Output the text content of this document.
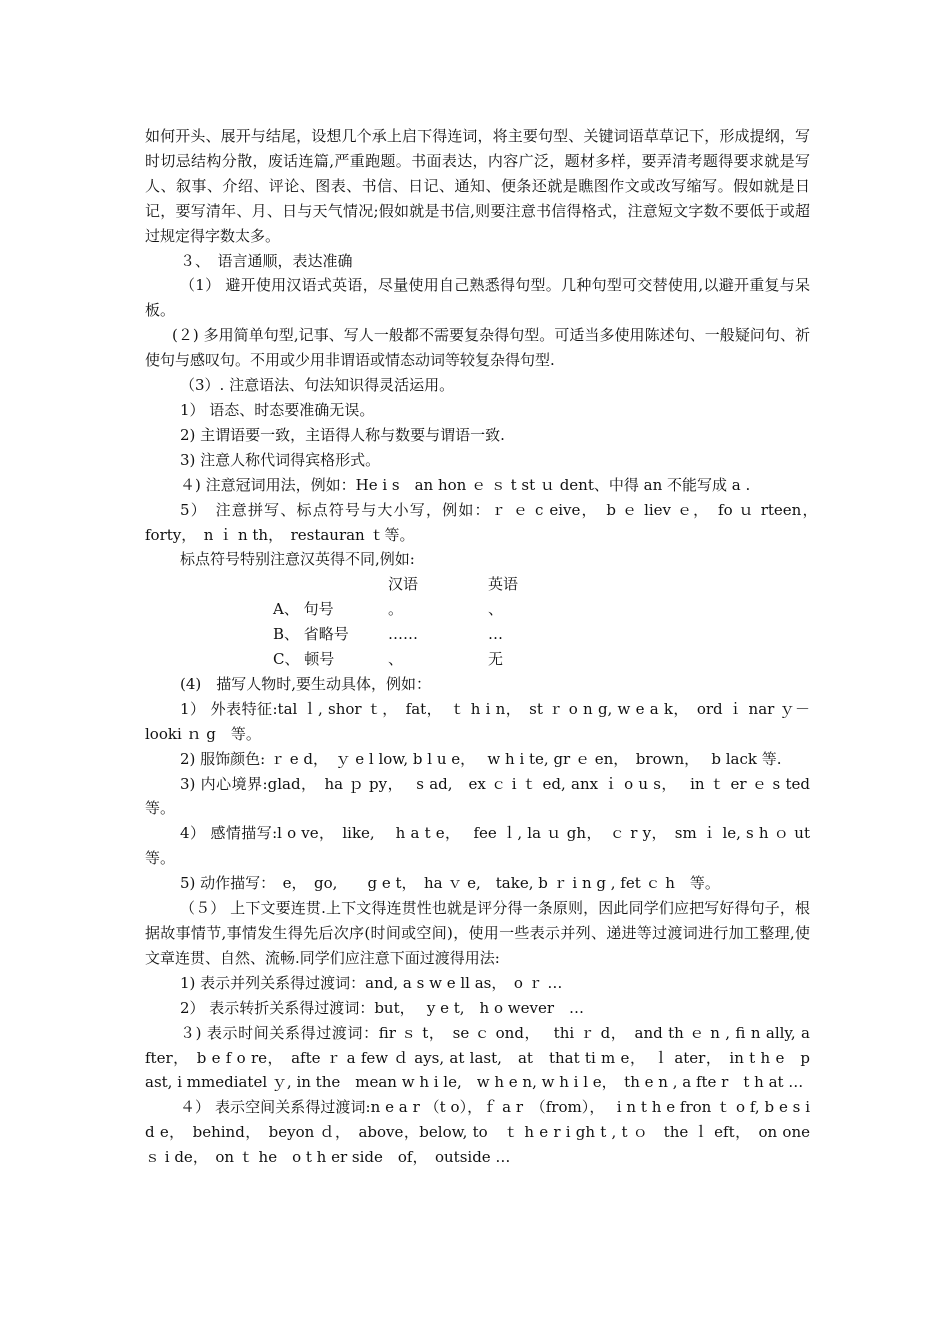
如何开头、展开与结尾，设想几个承上启下得连词，将主要句型、关键词语草草记下，形成提纲，写时切忌结构分散，废话连篇,严重跑题。书面表达，内容广泛，题材多样，要弄清考题得要求就是写人、叙事、介绍、评论、图表、书信、日记、通知、便条还就是瞧图作文或改写缩写。假如就是日记，要写清年、月、日与天气情况;假如就是书信,则要注意书信得格式，注意短文字数不要低于或超过规定得字数太多。

３、　语言通顺，表达准确

（1） 避开使用汉语式英语，尽量使用自己熟悉得句型。几种句型可交替使用,以避开重复与呆板。

(２) 多用简单句型,记事、写人一般都不需要复杂得句型。可适当多使用陈述句、一般疑问句、祈使句与感叹句。不用或少用非谓语或情态动词等较复杂得句型.

（3）. 注意语法、句法知识得灵活运用。

1） 语态、时态要准确无误。

2) 主谓语要一致，主语得人称与数要与谓语一致.

3) 注意人称代词得宾格形式。

４) 注意冠词用法，例如：He i s　an hon ｅ ｓ t st ｕ dent、中得 an 不能写成 a .

5）　注意拼写、标点符号与大小写，例如：ｒ ｅ c eive，　b ｅ liev ｅ，　fo ｕ rteen，　forty，　n ｉ n th，　restauran ｔ等。

标点符号特别注意汉英得不同,例如:

		汉语	英语
	A、 句号	。	、
	B、 省略号	……	…
	C、 顿号	、	无

(4)　描写人物时,要生动具体，例如：

1） 外表特征:tal ｌ, shor ｔ，　fat，　ｔ h i n，　st ｒ o n g, w e a k，　ord ｉ nar ｙ－looki ｎ g　等。

2) 服饰颜色: ｒ e d，　ｙ e l low, b l u e，　 w h i te, gr ｅ en，　brown，　 b lack 等.

3) 内心境界:glad，　ha ｐ py，　 s ad,　ex ｃ i ｔ ed, anx ｉ o u s，　 in ｔ er ｅ s ted 等。

4） 感情描写:l o ve，　like,　 h a t e，　 fee ｌ, la ｕ gh，　ｃ r y，　sm ｉ le, s h ｏ ut 等。

5) 动作描写：　e，　go,　　g e t，　ha ｖ e,　take, b ｒ i n g , fet ｃ h　等。

（５） 上下文要连贯.上下文得连贯性也就是评分得一条原则，因此同学们应把写好得句子，根据故事情节,事情发生得先后次序(时间或空间)，使用一些表示并列、递进等过渡词进行加工整理,使文章连贯、自然、流畅.同学们应注意下面过渡得用法:

1) 表示并列关系得过渡词：and, a s w e ll as，　o ｒ …

2） 表示转折关系得过渡词：but，　 y e t,　h o wever　…

３) 表示时间关系得过渡词：fir ｓ t，　se ｃ ond，　 thi ｒ d，　and th ｅ n , fi n ally, a fter，　b e f o re，　afte ｒ a few ｄ ays, at last,　at　that ti m e，　ｌ ater，　in t h e　p ast, i mmediatel ｙ, in the　mean w h i le,　w h e n, w h i l e，　th e n , a fte r　t h at …

４） 表示空间关系得过渡词:n e a r （t o），ｆ a r　（from），　 i n t h e fron ｔ o f, b e s i d e，　behind，　beyon ｄ，　above，below, to　ｔ h e r i gh t , t ｏ　the ｌ eft，　on one ｓ i de，　on ｔ he　o t h er side　of，　outside …
